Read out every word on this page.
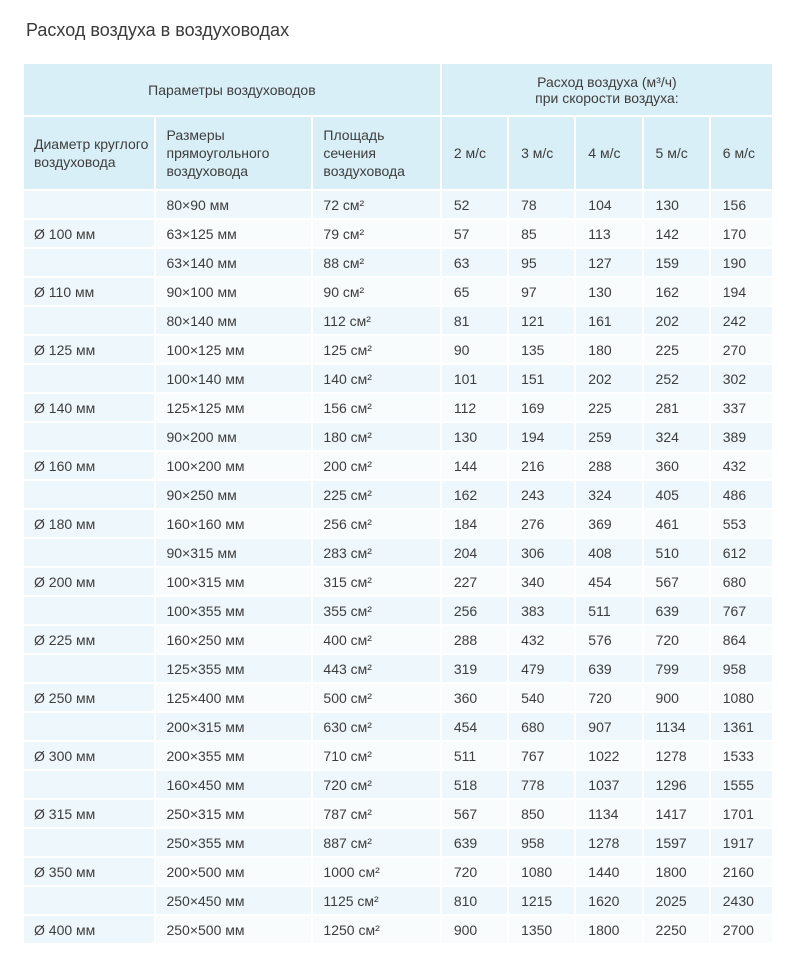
Расход воздуха в воздуховодах
Параметры воздуховодов			Расход воздуха (м³/ч)
при скорости воздуха:				

Диаметр круглого воздуховода	Размеры прямоугольного воздуховода	Площадь сечения воздуховода	2 м/с	3 м/с	4 м/с	5 м/с	6 м/с
	80×90 мм	72 см²	52	78	104	130	156
Ø 100 мм	63×125 мм	79 см²	57	85	113	142	170
	63×140 мм	88 см²	63	95	127	159	190
Ø 110 мм	90×100 мм	90 см²	65	97	130	162	194
	80×140 мм	112 см²	81	121	161	202	242
Ø 125 мм	100×125 мм	125 см²	90	135	180	225	270
	100×140 мм	140 см²	101	151	202	252	302
Ø 140 мм	125×125 мм	156 см²	112	169	225	281	337
	90×200 мм	180 см²	130	194	259	324	389
Ø 160 мм	100×200 мм	200 см²	144	216	288	360	432
	90×250 мм	225 см²	162	243	324	405	486
Ø 180 мм	160×160 мм	256 см²	184	276	369	461	553
	90×315 мм	283 см²	204	306	408	510	612
Ø 200 мм	100×315 мм	315 см²	227	340	454	567	680
	100×355 мм	355 см²	256	383	511	639	767
Ø 225 мм	160×250 мм	400 см²	288	432	576	720	864
	125×355 мм	443 см²	319	479	639	799	958
Ø 250 мм	125×400 мм	500 см²	360	540	720	900	1080
	200×315 мм	630 см²	454	680	907	1134	1361
Ø 300 мм	200×355 мм	710 см²	511	767	1022	1278	1533
	160×450 мм	720 см²	518	778	1037	1296	1555
Ø 315 мм	250×315 мм	787 см²	567	850	1134	1417	1701
	250×355 мм	887 см²	639	958	1278	1597	1917
Ø 350 мм	200×500 мм	1000 см²	720	1080	1440	1800	2160
	250×450 мм	1125 см²	810	1215	1620	2025	2430
Ø 400 мм	250×500 мм	1250 см²	900	1350	1800	2250	2700
